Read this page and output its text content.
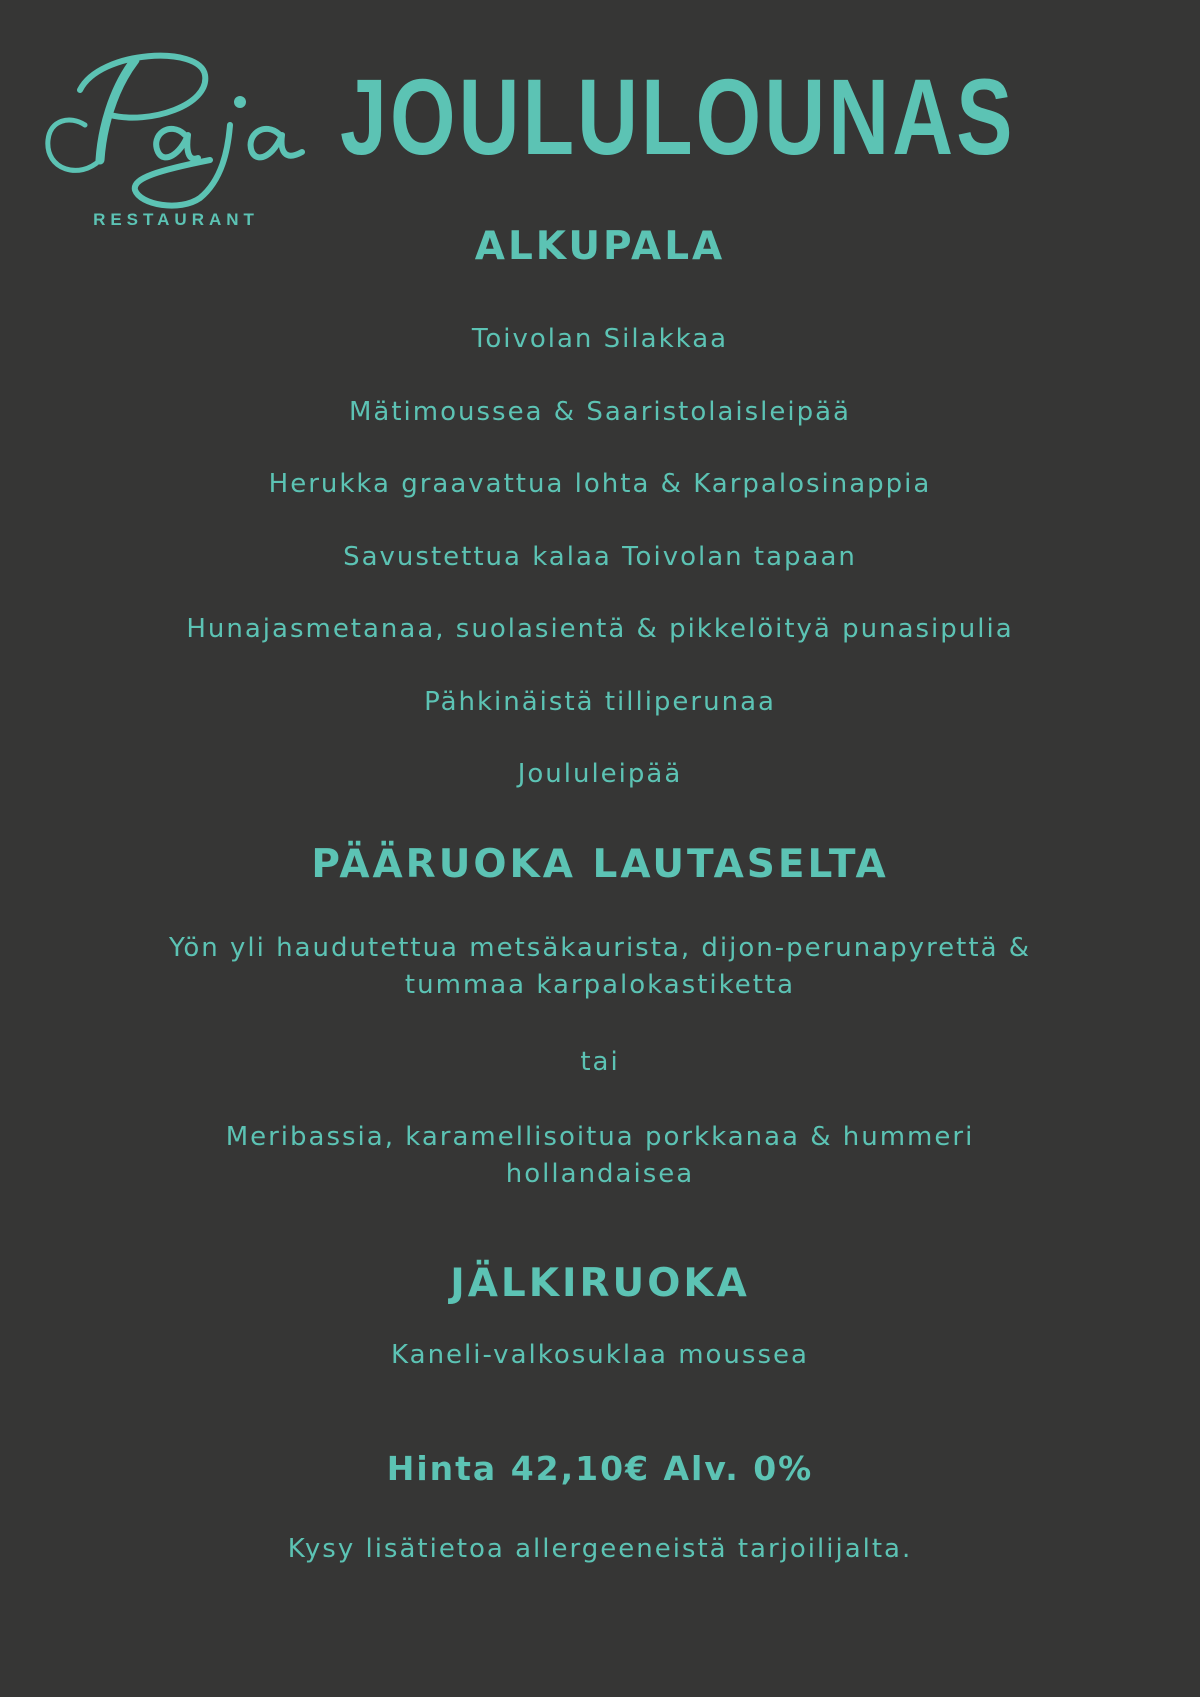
RESTAURANT
JOULULOUNAS
ALKUPALA
Toivolan Silakkaa
Mätimoussea & Saaristolaisleipää
Herukka graavattua lohta & Karpalosinappia
Savustettua kalaa Toivolan tapaan
Hunajasmetanaa, suolasientä & pikkelöityä punasipulia
Pähkinäistä tilliperunaa
Joululeipää
PÄÄRUOKA LAUTASELTA
Yön yli haudutettua metsäkauristа, dijon-perunapyrettä & tummaa karpalokastiketta
tai
Meribassia, karamellisoitua porkkanaa & hummeri hollandaisea
JÄLKIRUOKA
Kaneli-valkosuklaa moussea
Hinta 42,10€ Alv. 0%
Kysy lisätietoa allergeeneistä tarjoilijalta.
